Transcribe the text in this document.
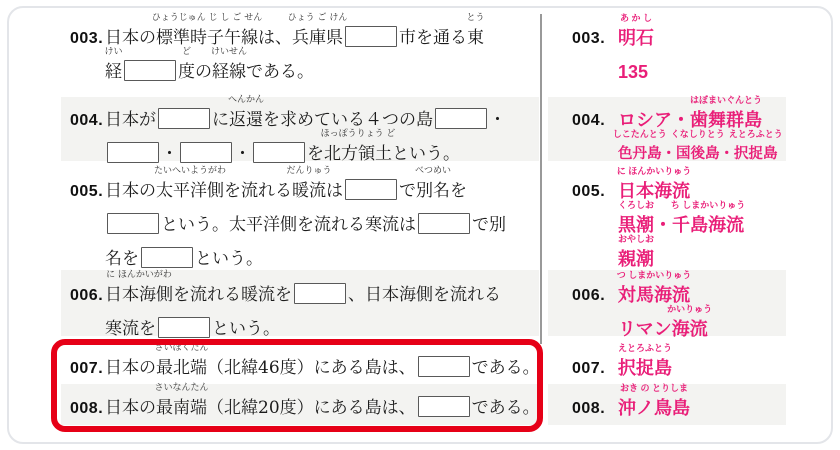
003. 日本の標準時子午線
ひょうじゅん じ し ご せん
は、兵庫県
ひょう ご けん
市を通る東
とう
経
けい
度
ど
の経線
けいせん
である。
004. 日本が	に返還
へんかん
を求めている４つの島	・
・	・	を北方領土
ほっぽうりょう ど
という。
005. 日本の太平洋側
たいへいようがわ
を流れる暖流
だんりゅう
は	で別名
べつめい
を
という。太平洋側を流れる寒流は	で別
名を	という。
006. 日本海側
に ほんかいがわ
を流れる暖流を	、日本海側を流れる
寒流を	という。
007. 日本の最北端
さいほくたん
（北緯46度）にある島は、	である。
008. 日本の最南端
さいなんたん
（北緯20度）にある島は、	である。
003. 明石
あ か し
135
004. ロシア・歯舞群島
はぼまいぐんとう
色丹島
しこたんとう
・国後島
くなしりとう
・択捉島
えとろふとう
005. 日本海流
に ほんかいりゅう
黒潮
くろしお
・千島海流
ち しまかいりゅう
親潮
おやしお
006. 対馬海流
つ しまかいりゅう
リマン海流
かいりゅう
007. 択捉島
えとろふとう
008. 沖ノ鳥島
おき の とりしま
